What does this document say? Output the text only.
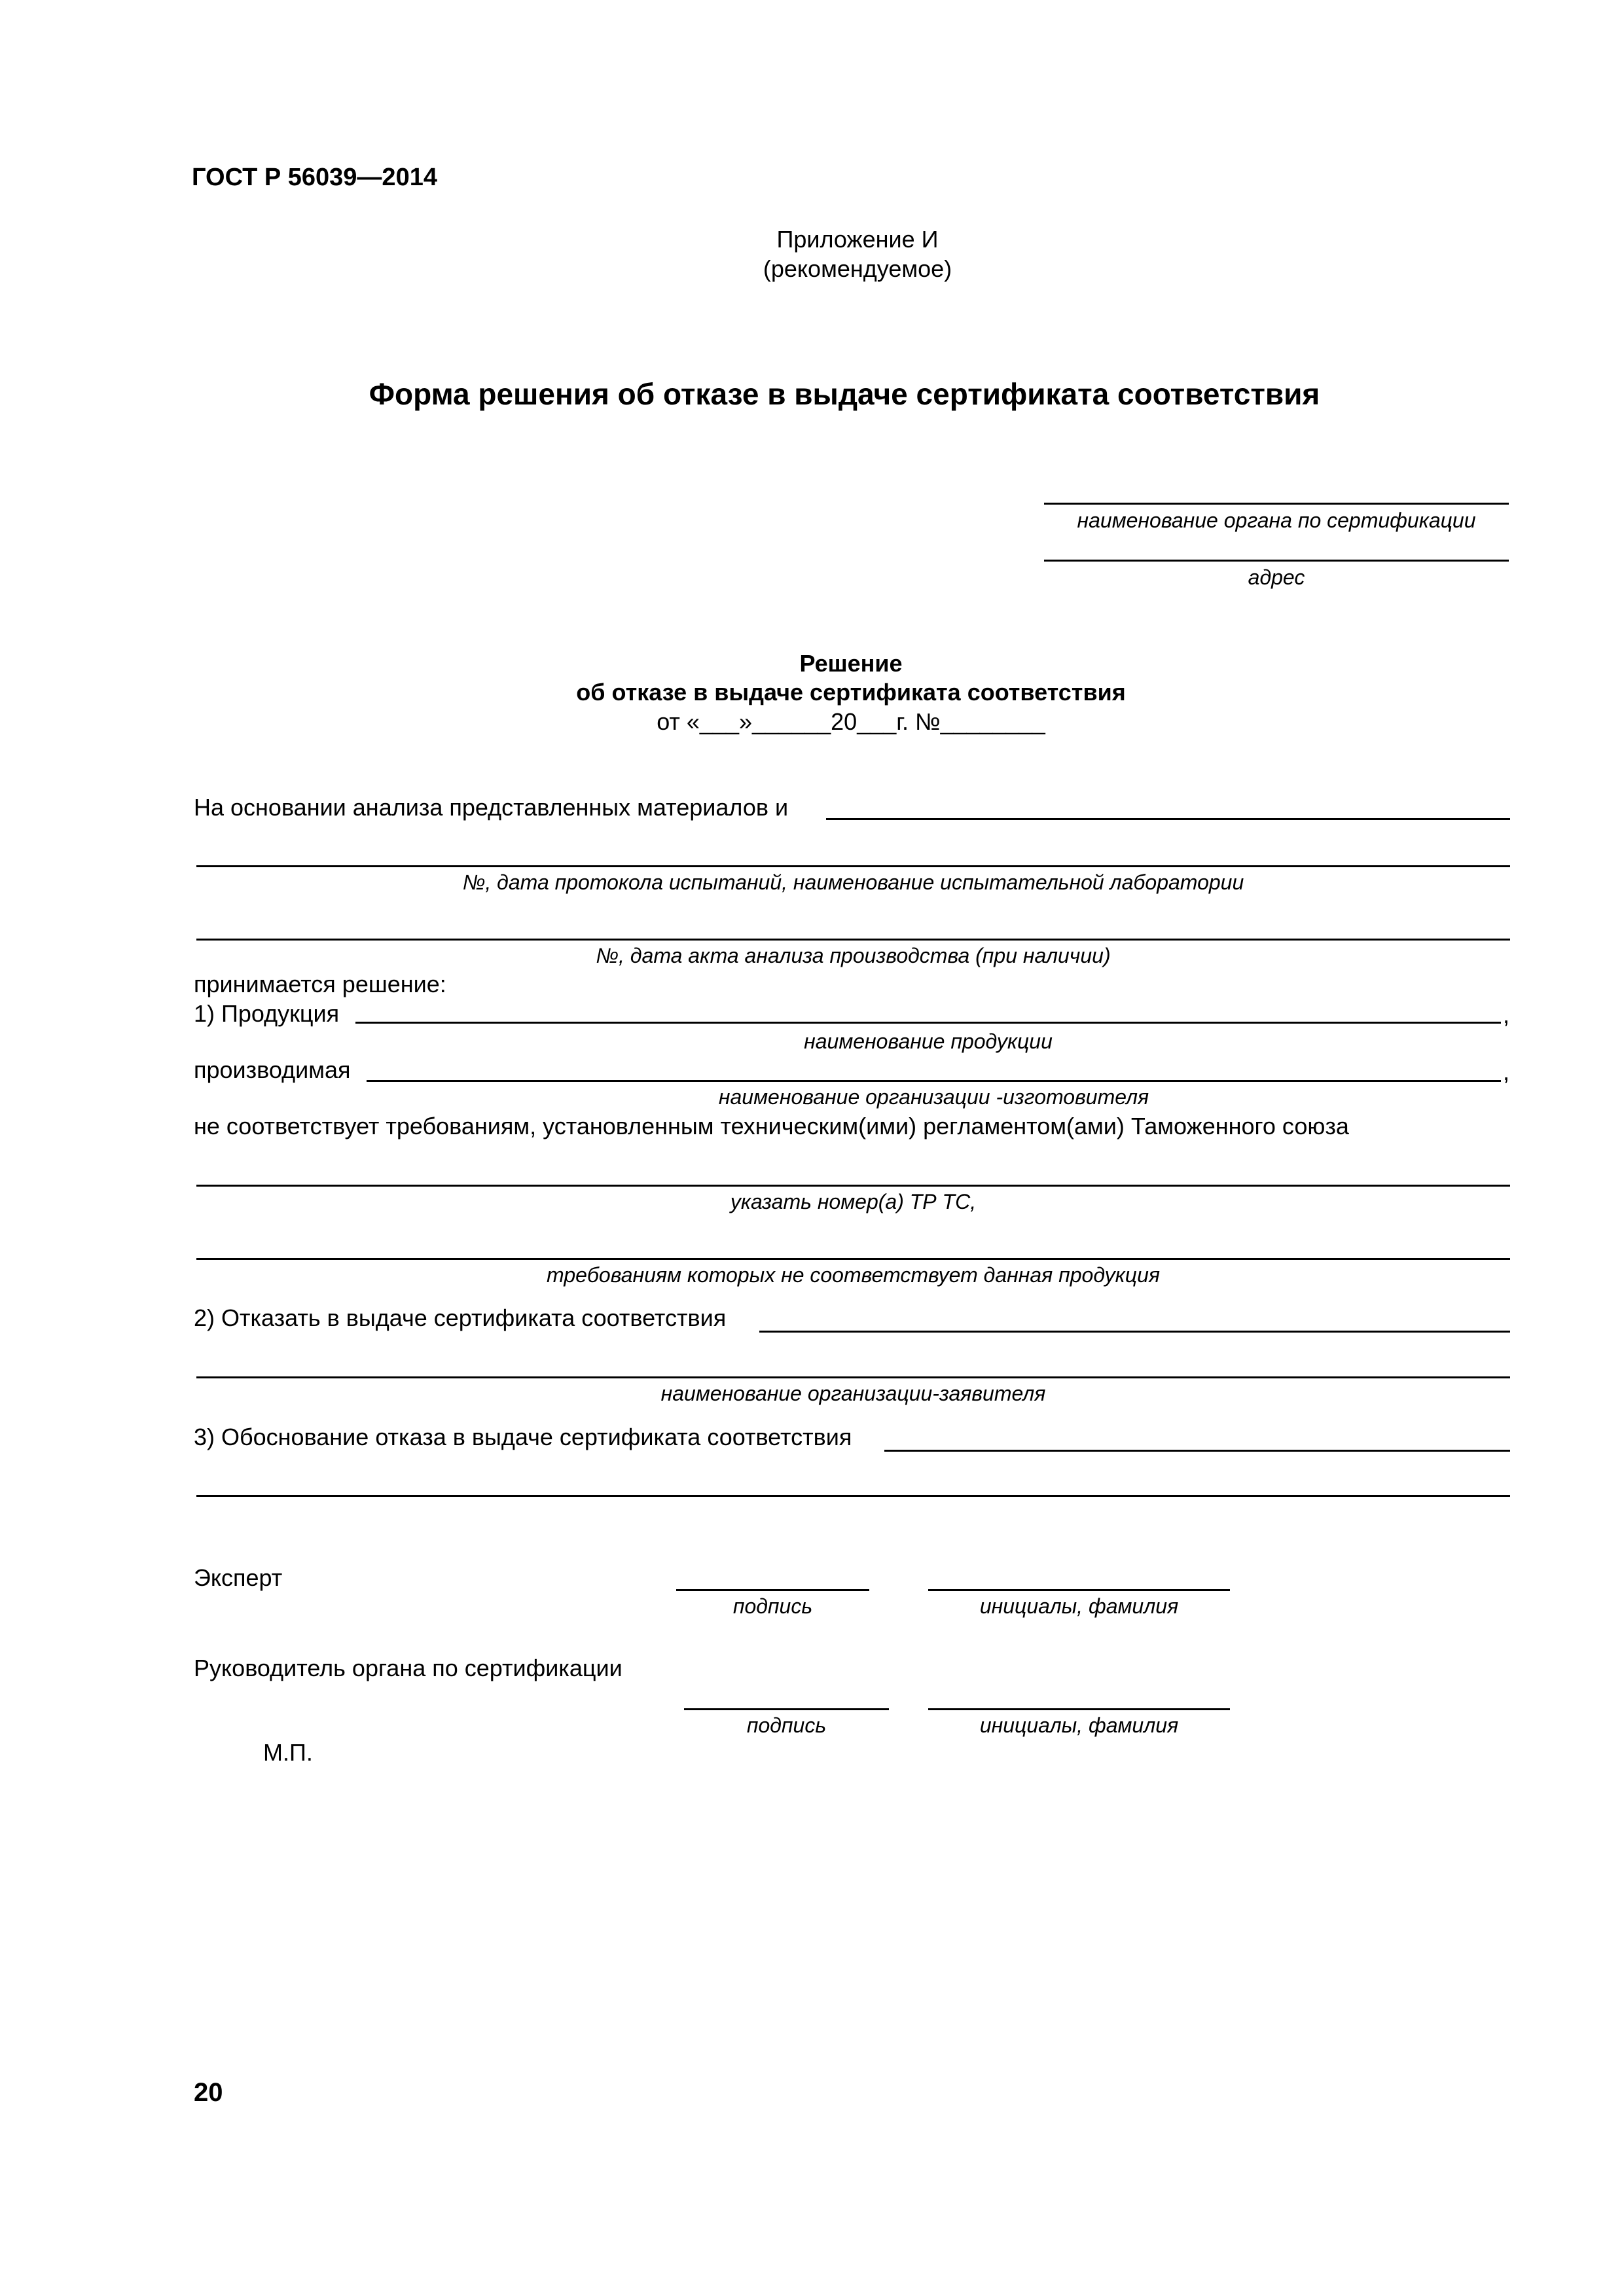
ГОСТ Р 56039—2014
Приложение И
(рекомендуемое)
Форма решения об отказе в выдаче сертификата соответствия
наименование органа по сертификации
адрес
Решение
об отказе в выдаче сертификата соответствия
от «___»______20___г. №________
На основании анализа представленных материалов и
№, дата протокола испытаний, наименование испытательной лаборатории
№, дата акта анализа производства (при наличии)
принимается решение:
1) Продукция	,
наименование продукции
производимая	,
наименование организации -изготовителя
не соответствует требованиям, установленным техническим(ими) регламентом(ами) Таможенного союза
указать номер(а) ТР ТС,
требованиям которых не соответствует данная продукция
2) Отказать в выдаче сертификата соответствия
наименование организации-заявителя
3) Обоснование отказа в выдаче сертификата соответствия
Эксперт
подпись	инициалы, фамилия
Руководитель органа по сертификации
подпись	инициалы, фамилия
М.П.
20
